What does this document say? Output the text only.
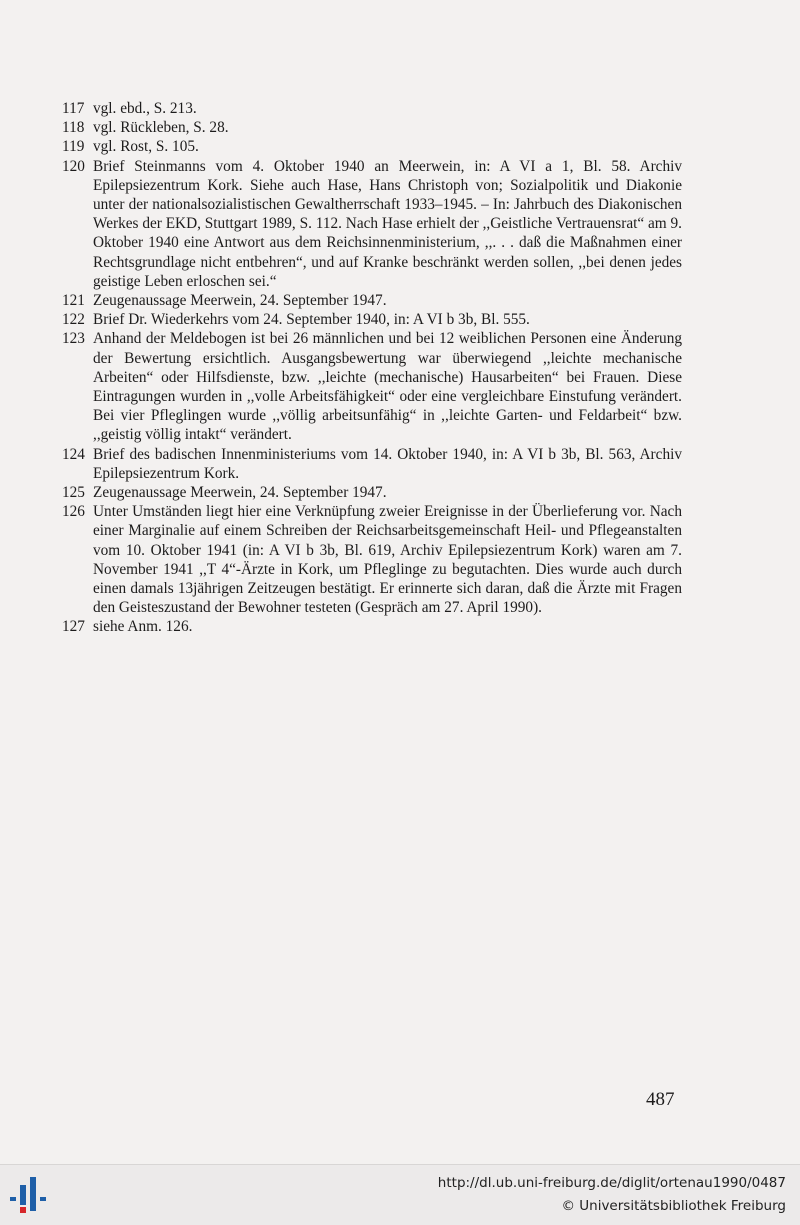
117 vgl. ebd., S. 213.
118 vgl. Rückleben, S. 28.
119 vgl. Rost, S. 105.
120 Brief Steinmanns vom 4. Oktober 1940 an Meerwein, in: A VI a 1, Bl. 58. Archiv Epilepsiezentrum Kork. Siehe auch Hase, Hans Christoph von; Sozialpolitik und Diakonie unter der nationalsozialistischen Gewaltherrschaft 1933–1945. – In: Jahrbuch des Diakonischen Werkes der EKD, Stuttgart 1989, S. 112. Nach Hase erhielt der ,,Geistliche Vertrauensrat“ am 9. Oktober 1940 eine Antwort aus dem Reichsinnenministerium, ,,. . . daß die Maßnahmen einer Rechtsgrundlage nicht entbehren“, und auf Kranke beschränkt werden sollen, ,,bei denen jedes geistige Leben erloschen sei.“
121 Zeugenaussage Meerwein, 24. September 1947.
122 Brief Dr. Wiederkehrs vom 24. September 1940, in: A VI b 3b, Bl. 555.
123 Anhand der Meldebogen ist bei 26 männlichen und bei 12 weiblichen Personen eine Änderung der Bewertung ersichtlich. Ausgangsbewertung war überwiegend ,,leichte mechanische Arbeiten“ oder Hilfsdienste, bzw. ,,leichte (mechanische) Hausarbeiten“ bei Frauen. Diese Eintragungen wurden in ,,volle Arbeitsfähigkeit“ oder eine vergleichbare Einstufung verändert. Bei vier Pfleglingen wurde ,,völlig arbeitsunfähig“ in ,,leichte Garten- und Feldarbeit“ bzw. ,,geistig völlig intakt“ verändert.
124 Brief des badischen Innenministeriums vom 14. Oktober 1940, in: A VI b 3b, Bl. 563, Archiv Epilepsiezentrum Kork.
125 Zeugenaussage Meerwein, 24. September 1947.
126 Unter Umständen liegt hier eine Verknüpfung zweier Ereignisse in der Überlieferung vor. Nach einer Marginalie auf einem Schreiben der Reichsarbeitsgemeinschaft Heil- und Pflegeanstalten vom 10. Oktober 1941 (in: A VI b 3b, Bl. 619, Archiv Epilepsiezentrum Kork) waren am 7. November 1941 ,,T 4“-Ärzte in Kork, um Pfleglinge zu begutachten. Dies wurde auch durch einen damals 13jährigen Zeitzeugen bestätigt. Er erinnerte sich daran, daß die Ärzte mit Fragen den Geisteszustand der Bewohner testeten (Gespräch am 27. April 1990).
127 siehe Anm. 126.
487
http://dl.ub.uni-freiburg.de/diglit/ortenau1990/0487
© Universitätsbibliothek Freiburg
